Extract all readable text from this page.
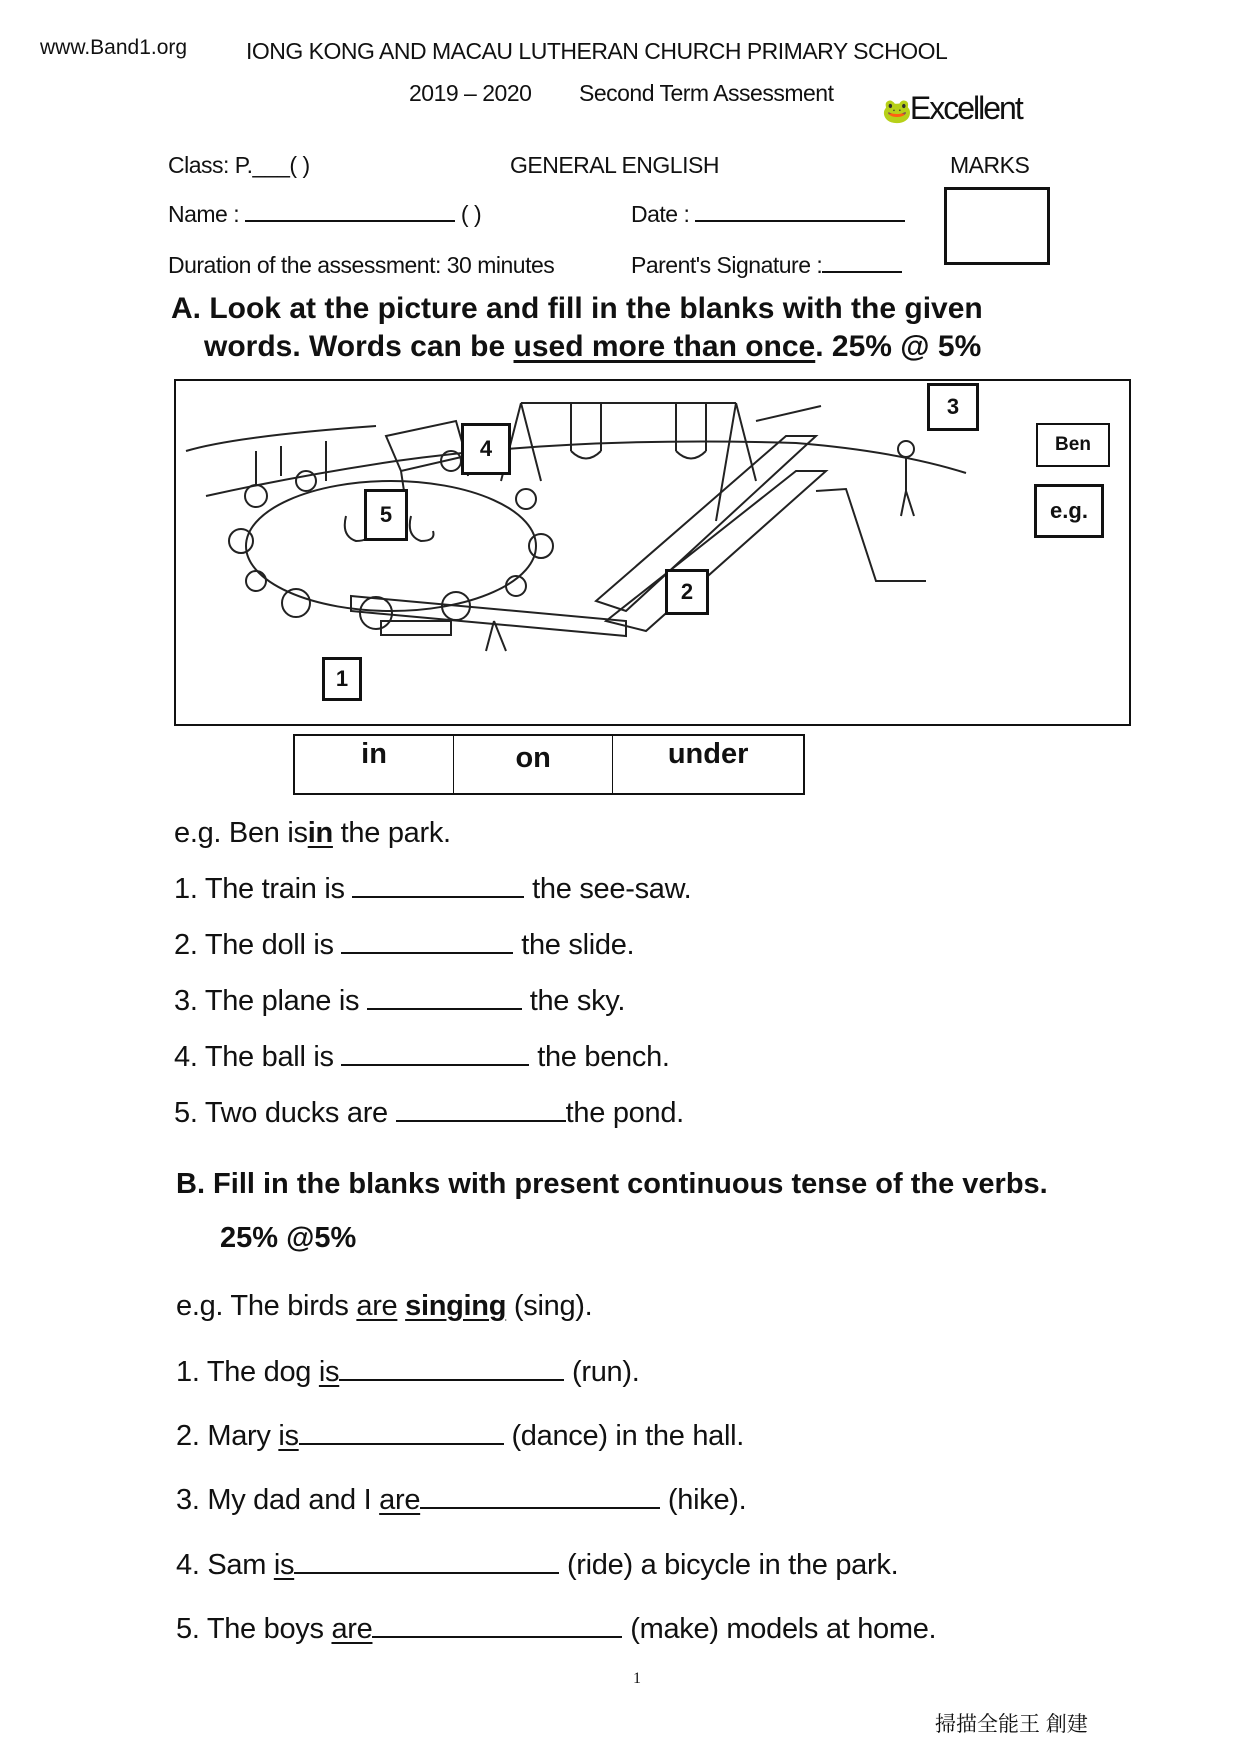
www.Band1.org	IONG KONG AND MACAU LUTHERAN CHURCH PRIMARY SCHOOL
2019 – 2020 Second Term Assessment
🐸Excellent
Class: P.___( )	GENERAL ENGLISH	MARKS
Name :	( )	Date :
Duration of the assessment: 30 minutes	Parent's Signature :
A. Look at the picture and fill in the blanks with the given
words. Words can be used more than once. 25% @ 5%
1
2
3
4
5
Ben
e.g.
in	on	under
e.g. Ben isin the park.
1. The train is	the see-saw.
2. The doll is	the slide.
3. The plane is	the sky.
4. The ball is	the bench.
5. Two ducks are	the pond.
B. Fill in the blanks with present continuous tense of the verbs.
25% @5%
e.g. The birds are singing (sing).
1. The dog is	(run).
2. Mary is	(dance) in the hall.
3. My dad and I are	(hike).
4. Sam is	(ride) a bicycle in the park.
5. The boys are	(make) models at home.
1
掃描全能王 創建
